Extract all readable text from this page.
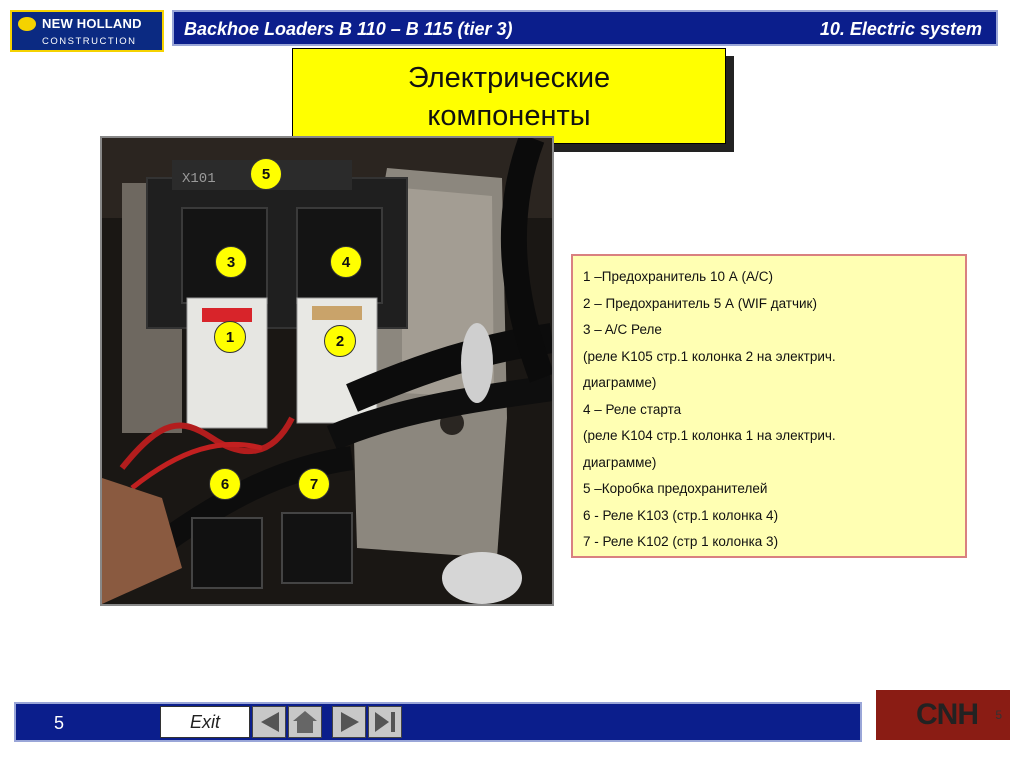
NEW HOLLAND
CONSTRUCTION
Backhoe Loaders B 110 – B 115 (tier 3)	10. Electric system
Электрические
компоненты
X101	5
3	4
1	2
6	7
1 –Предохранитель 10 А (A/C)
2 – Предохранитель 5 А (WIF датчик)
3 – A/C Реле
(реле K105 стр.1 колонка 2 на электрич.
диаграмме)
4 – Реле старта
(реле K104 стр.1 колонка 1 на электрич.
диаграмме)
5 –Коробка предохранителей
6 - Реле K103 (стр.1 колонка 4)
7 - Реле K102 (стр 1 колонка 3)
5	Exit	CNH 5
